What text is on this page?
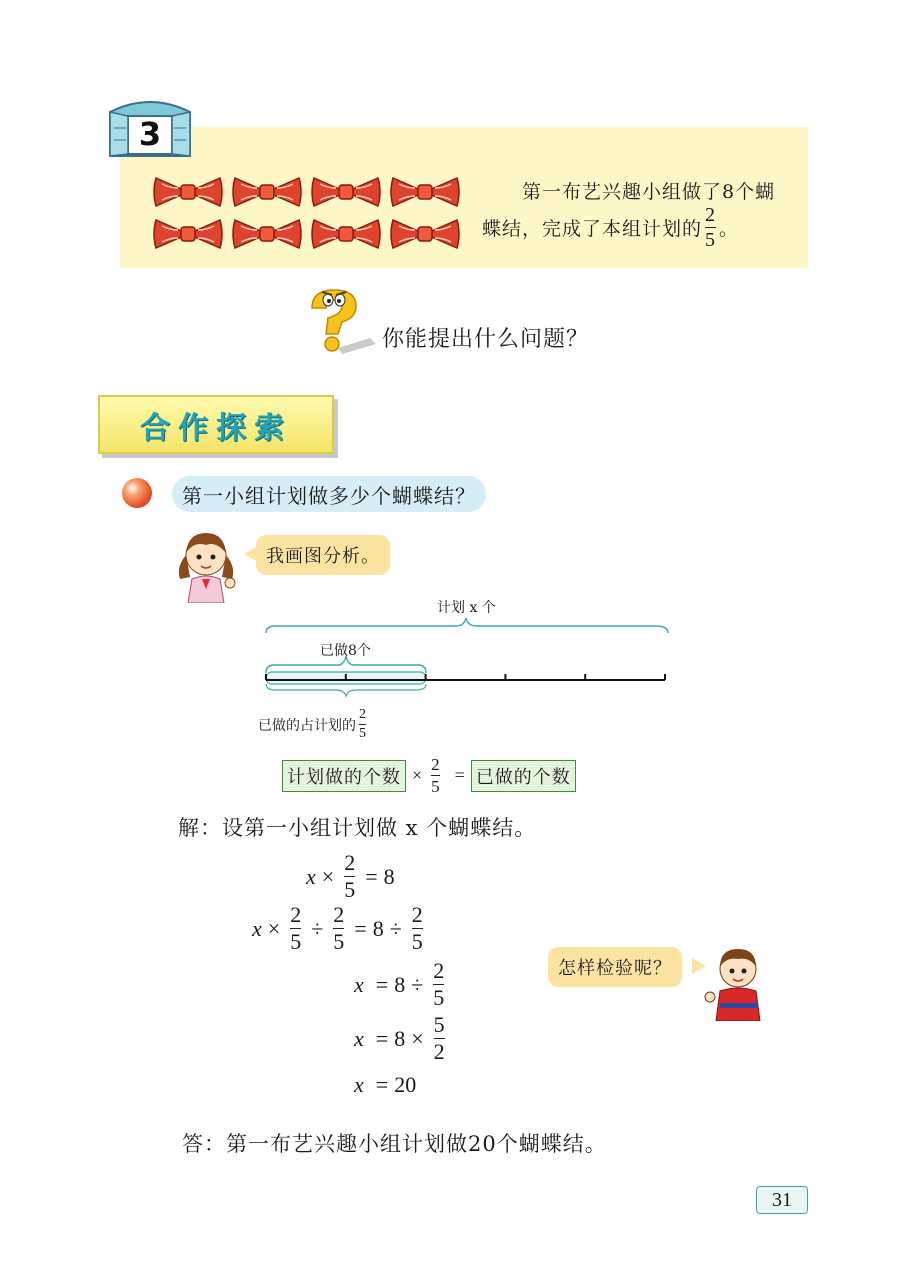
3
第一布艺兴趣小组做了8个蝴
蝶结，完成了本组计划的 $\frac{2}{5}$ 。
你能提出什么问题？
合作探索
第一小组计划做多少个蝴蝶结？
我画图分析。
计划 x 个
已做8个
已做的占计划的 $\frac{2}{5}$
计划做的个数 × $\frac{2}{5}$ = 已做的个数
解：设第一小组计划做 x 个蝴蝶结。
$x \times \frac{2}{5} = 8$
$x \times \frac{2}{5} \div \frac{2}{5} = 8 \div \frac{2}{5}$
$x = 8 \div \frac{2}{5}$
$x = 8 \times \frac{5}{2}$
x = 20
怎样检验呢？
答：第一布艺兴趣小组计划做20个蝴蝶结。
31
